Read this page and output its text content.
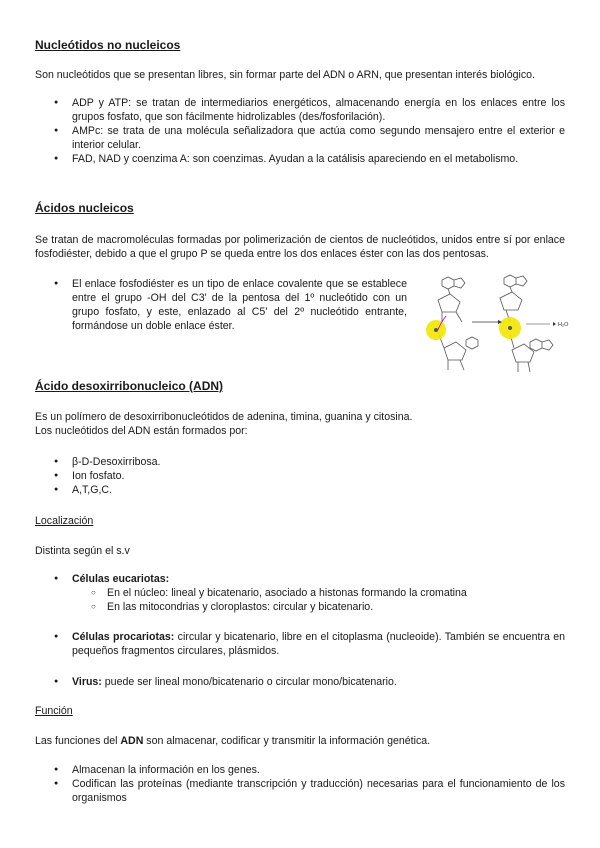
Nucleótidos no nucleicos
Son nucleótidos que se presentan libres, sin formar parte del ADN o ARN, que presentan interés biológico.
● ADP y ATP: se tratan de intermediarios energéticos, almacenando energía en los enlaces entre los grupos fosfato, que son fácilmente hidrolizables (des/fosforilación).
● AMPc: se trata de una molécula señalizadora que actúa como segundo mensajero entre el exterior e interior celular.
● FAD, NAD y coenzima A: son coenzimas. Ayudan a la catálisis apareciendo en el metabolismo.
Ácidos nucleicos
Se tratan de macromoléculas formadas por polimerización de cientos de nucleótidos, unidos entre sí por enlace fosfodiéster, debido a que el grupo P se queda entre los dos enlaces éster con las dos pentosas.
● El enlace fosfodiéster es un tipo de enlace covalente que se establece entre el grupo -OH del C3' de la pentosa del 1º nucleótido con un grupo fosfato, y este, enlazado al C5' del 2º nucleótido entrante, formándose un doble enlace éster.	H₂O
Ácido desoxirribonucleico (ADN)
Es un polímero de desoxirribonucleótidos de adenina, timina, guanina y citosina.
Los nucleótidos del ADN están formados por:
● β-D-Desoxirribosa.
● Ion fosfato.
● A,T,G,C.
Localización
Distinta según el s.v
● Células eucariotas:
○ En el núcleo: lineal y bicatenario, asociado a histonas formando la cromatina
○ En las mitocondrias y cloroplastos: circular y bicatenario.
● Células procariotas: circular y bicatenario, libre en el citoplasma (nucleoide). También se encuentra en pequeños fragmentos circulares, plásmidos.
● Virus: puede ser lineal mono/bicatenario o circular mono/bicatenario.
Función
Las funciones del ADN son almacenar, codificar y transmitir la información genética.
● Almacenan la información en los genes.
● Codifican las proteínas (mediante transcripción y traducción) necesarias para el funcionamiento de los organismos
